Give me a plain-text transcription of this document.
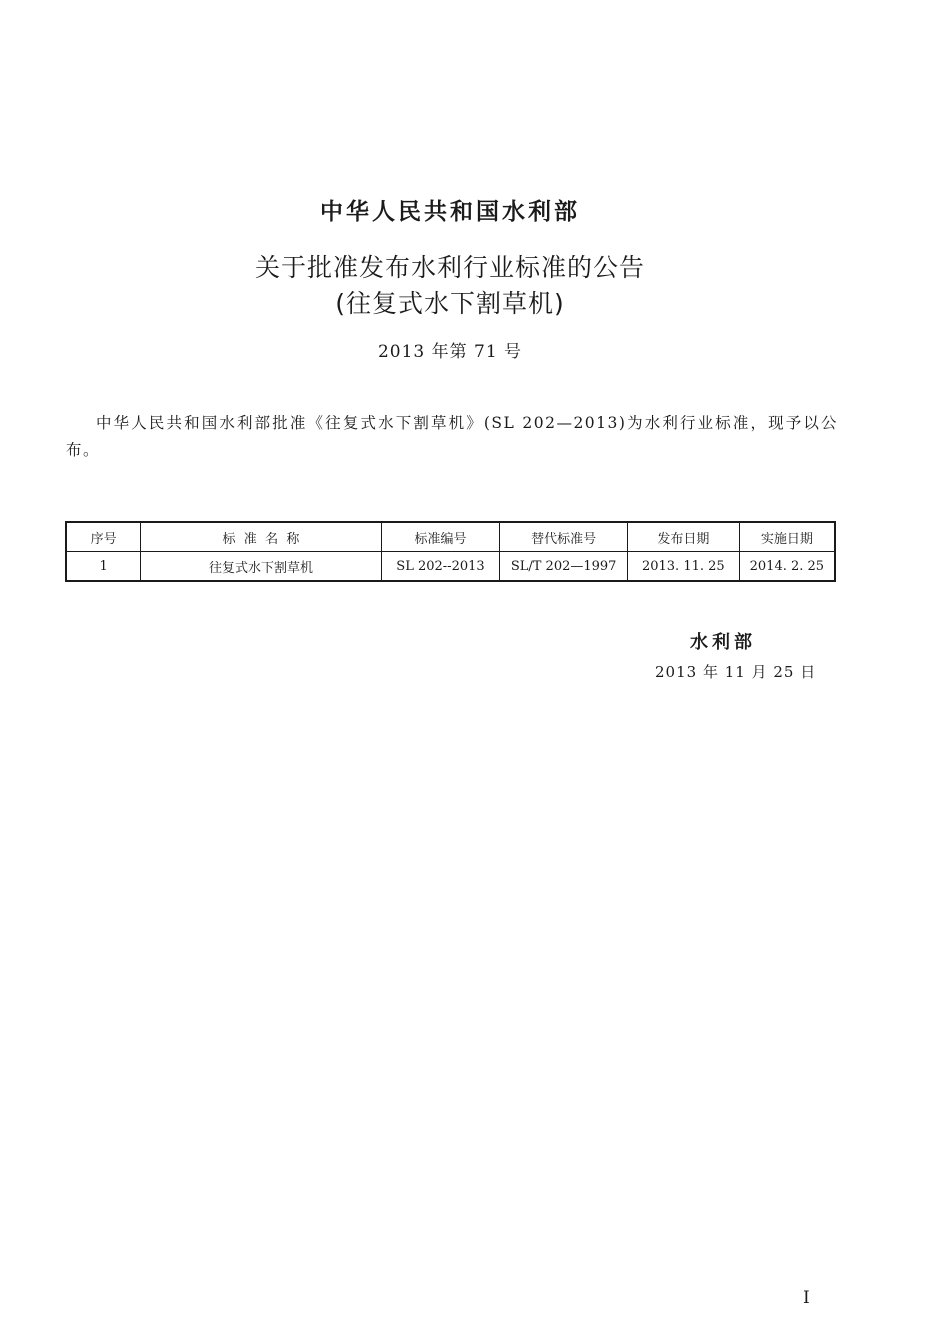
中华人民共和国水利部
关于批准发布水利行业标准的公告
(往复式水下割草机)
2013 年第 71 号
中华人民共和国水利部批准《往复式水下割草机》(SL 202—2013)为水利行业标准，现予以公布。
序号	标  准  名  称	标准编号	替代标准号	发布日期	实施日期
1	往复式水下割草机	SL 202--2013	SL/T 202—1997	2013. 11. 25	2014. 2. 25
水利部
2013 年 11 月 25 日
I
